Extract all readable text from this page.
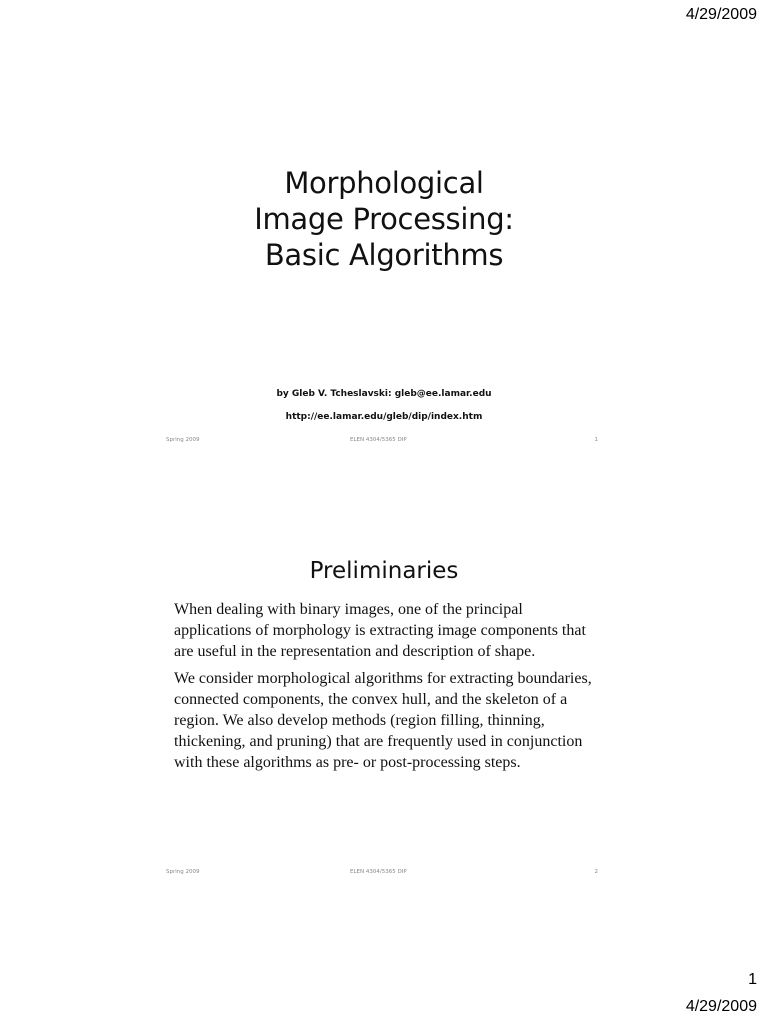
4/29/2009
Morphological
Image Processing:
Basic Algorithms
by Gleb V. Tcheslavski: gleb@ee.lamar.edu
http://ee.lamar.edu/gleb/dip/index.htm
Spring 2009	ELEN 4304/5365 DIP	1
Preliminaries

When dealing with binary images, one of the principal applications of morphology is extracting image components that are useful in the representation and description of shape.

We consider morphological algorithms for extracting boundaries, connected components, the convex hull, and the skeleton of a region. We also develop methods (region filling, thinning, thickening, and pruning) that are frequently used in conjunction with these algorithms as pre- or post-processing steps.

Spring 2009	ELEN 4304/5365 DIP	2
1
4/29/2009
